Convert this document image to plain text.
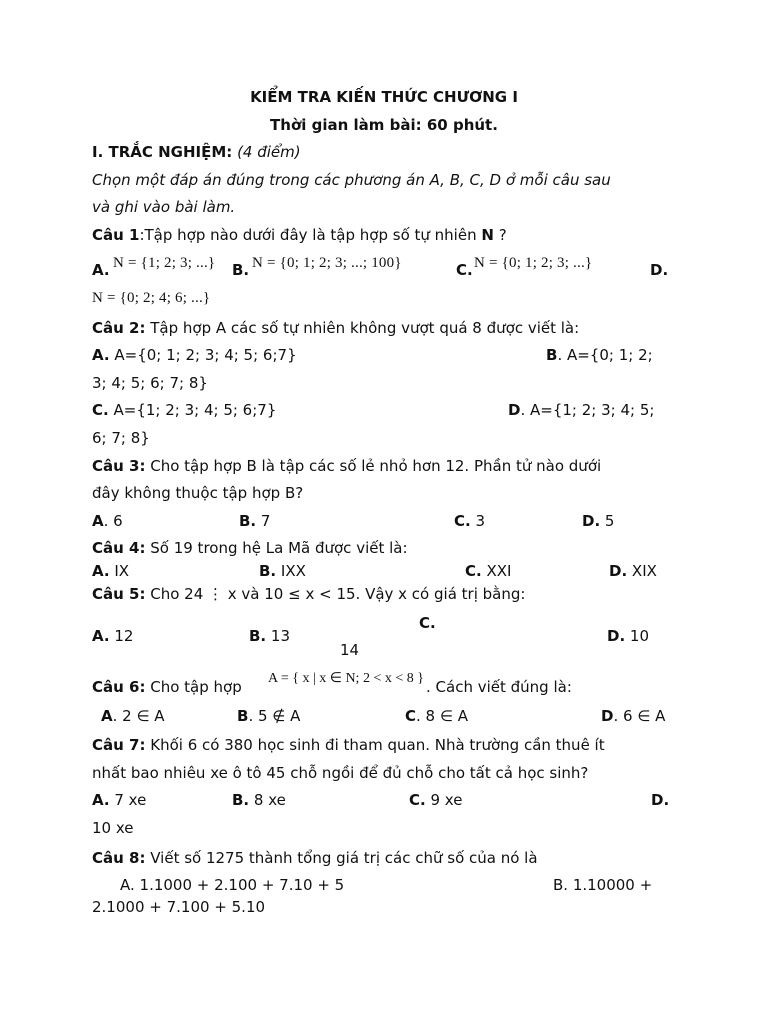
KIỂM TRA KIẾN THỨC CHƯƠNG I
Thời gian làm bài: 60 phút.
I. TRẮC NGHIỆM: (4 điểm)
Chọn một đáp án đúng trong các phương án A, B, C, D ở mỗi câu sau
và ghi vào bài làm.
Câu 1:Tập hợp nào dưới đây là tập hợp số tự nhiên N ?
A. N = {1; 2; 3; ...} B. N = {0; 1; 2; 3; ...; 100}	C. N = {0; 1; 2; 3; ...}	D.
N = {0; 2; 4; 6; ...}
Câu 2: Tập hợp A các số tự nhiên không vượt quá 8 được viết là:
A. A={0; 1; 2; 3; 4; 5; 6;7}	B. A={0; 1; 2;
3; 4; 5; 6; 7; 8}
C. A={1; 2; 3; 4; 5; 6;7}	D. A={1; 2; 3; 4; 5;
6; 7; 8}
Câu 3: Cho tập hợp B là tập các số lẻ nhỏ hơn 12. Phần tử nào dưới
đây không thuộc tập hợp B?
A. 6	B. 7	C. 3	D. 5
Câu 4: Số 19 trong hệ La Mã được viết là:
A. IX	B. IXX	C. XXI	D. XIX
Câu 5: Cho 24 ⋮ x và 10 ≤ x < 15. Vậy x có giá trị bằng:
A. 12	B. 13
C.
14
D. 10
Câu 6: Cho tập hợp A = { x | x ∈ N; 2 < x < 8 } . Cách viết đúng là:
A. 2 ∈ A	B. 5 ∉ A	C. 8 ∈ A	D. 6 ∈ A
Câu 7: Khối 6 có 380 học sinh đi tham quan. Nhà trường cần thuê ít
nhất bao nhiêu xe ô tô 45 chỗ ngồi để đủ chỗ cho tất cả học sinh?
A. 7 xe	B. 8 xe	C. 9 xe	D.
10 xe
Câu 8: Viết số 1275 thành tổng giá trị các chữ số của nó là
A. 1.1000 + 2.100 + 7.10 + 5	B. 1.10000 +
2.1000 + 7.100 + 5.10
